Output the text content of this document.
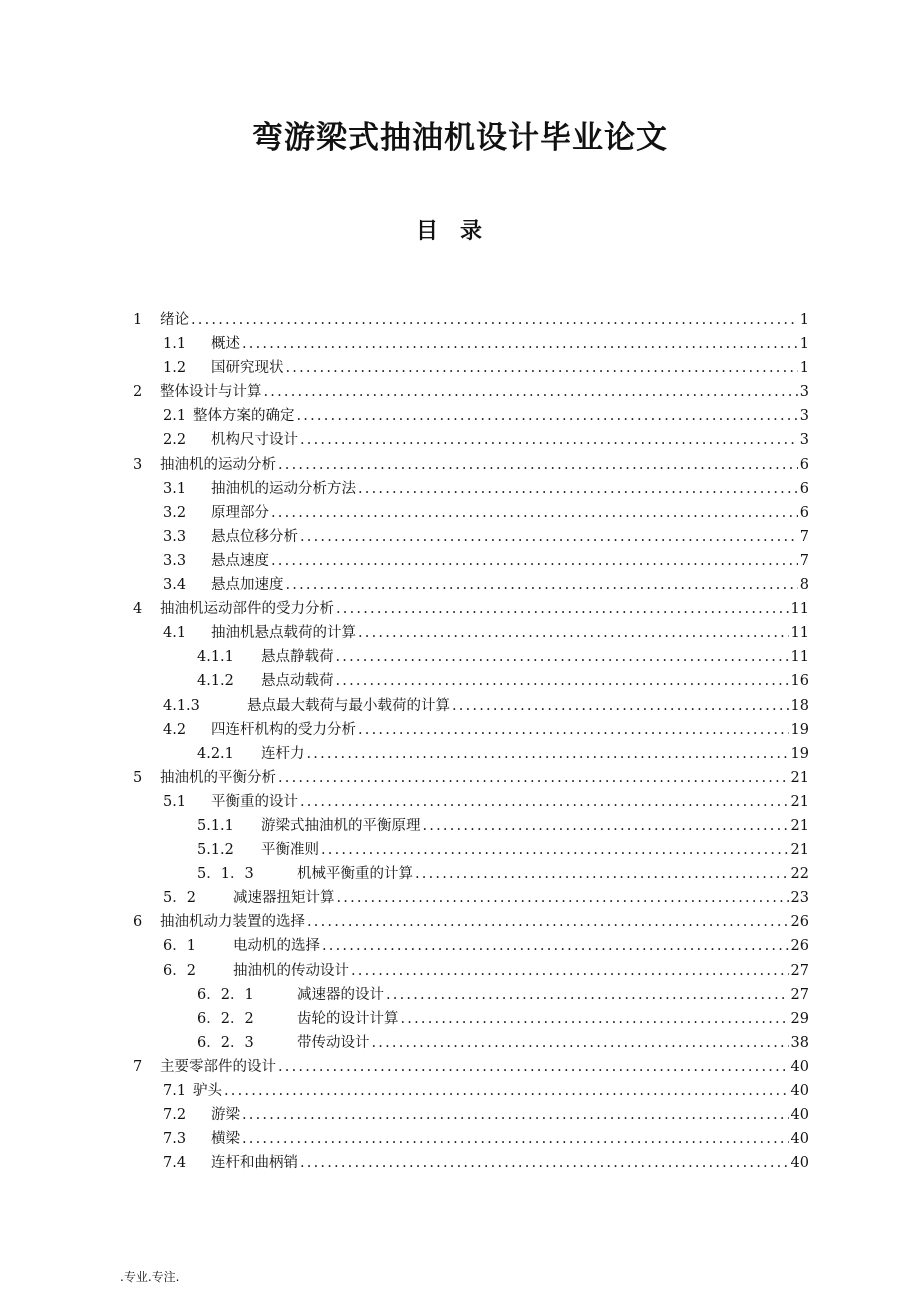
弯游梁式抽油机设计毕业论文
目录
1	绪论 .....	1
1.1	概述 .....	1
1.2	国研究现状 .....	1
2	整体设计与计算 .....	3
2.1 整体方案的确定 .....	3
2.2	机构尺寸设计 .....	3
3	抽油机的运动分析 .....	6
3.1	抽油机的运动分析方法 .....	6
3.2	原理部分 .....	6
3.3	悬点位移分析 .....	7
3.3	悬点速度 .....	7
3.4	悬点加速度 .....	8
4	抽油机运动部件的受力分析 .....	11
4.1	抽油机悬点载荷的计算 .....	11
4.1.1	悬点静载荷 .....	11
4.1.2	悬点动载荷 .....	16
4.1.3	悬点最大载荷与最小载荷的计算 .....	18
4.2	四连杆机构的受力分析 .....	19
4.2.1	连杆力 .....	19
5	抽油机的平衡分析 .....	21
5.1	平衡重的设计 .....	21
5.1.1	游梁式抽油机的平衡原理 .....	21
5.1.2	平衡准则 .....	21
5．1．3	机械平衡重的计算 .....	22
5．2	减速器扭矩计算 .....	23
6	抽油机动力装置的选择 .....	26
6．1	电动机的选择 .....	26
6．2	抽油机的传动设计 .....	27
6．2．1	减速器的设计 .....	27
6．2．2	齿轮的设计计算 .....	29
6．2．3	带传动设计 .....	38
7	主要零部件的设计 .....	40
7.1 驴头 .....	40
7.2	游梁 .....	40
7.3	横梁 .....	40
7.4	连杆和曲柄销 .....	40
.专业.专注.
